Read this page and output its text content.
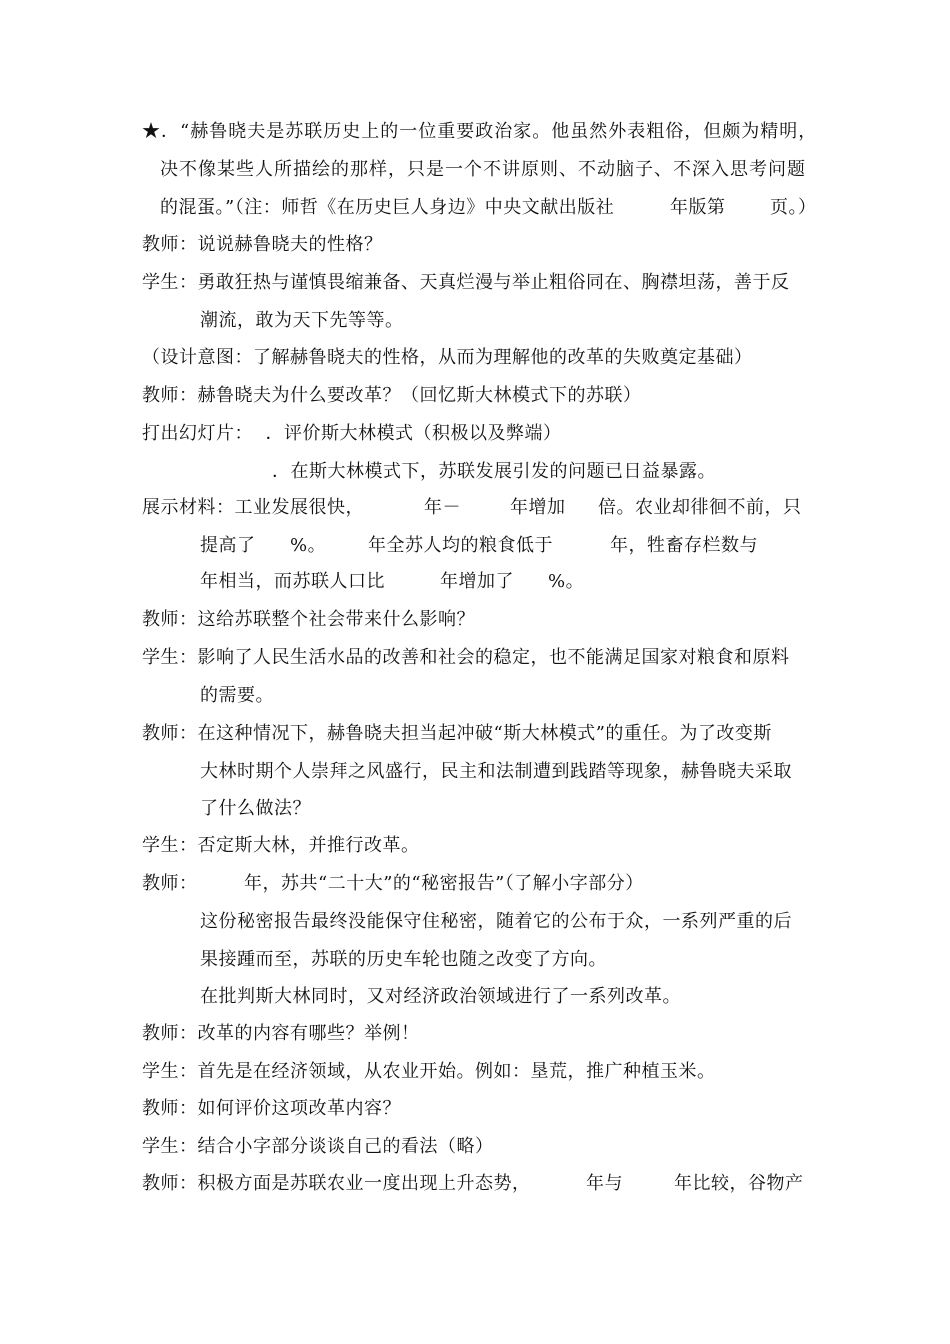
★．“赫鲁晓夫是苏联历史上的一位重要政治家。他虽然外表粗俗，但颇为精明，
决不像某些人所描绘的那样，只是一个不讲原则、不动脑子、不深入思考问题
的混蛋。”（注：师哲《在历史巨人身边》中央文献出版社	年版第 页。）
教师：说说赫鲁晓夫的性格？
学生：勇敢狂热与谨慎畏缩兼备、天真烂漫与举止粗俗同在、胸襟坦荡，善于反
潮流，敢为天下先等等。
（设计意图：了解赫鲁晓夫的性格，从而为理解他的改革的失败奠定基础）
教师：赫鲁晓夫为什么要改革？（回忆斯大林模式下的苏联）
打出幻灯片：  ．评价斯大林模式（积极以及弊端）
．在斯大林模式下，苏联发展引发的问题已日益暴露。
展示材料：工业发展很快，	年－	年增加 倍。农业却徘徊不前，只
提高了 %。 年全苏人均的粮食低于	年，牲畜存栏数与
年相当，而苏联人口比	年增加了 %。
教师：这给苏联整个社会带来什么影响？
学生：影响了人民生活水品的改善和社会的稳定，也不能满足国家对粮食和原料
的需要。
教师：在这种情况下，赫鲁晓夫担当起冲破“斯大林模式”的重任。为了改变斯
大林时期个人崇拜之风盛行，民主和法制遭到践踏等现象，赫鲁晓夫采取
了什么做法？
学生：否定斯大林，并推行改革。
教师：	年，苏共“二十大”的“秘密报告”（了解小字部分）
这份秘密报告最终没能保守住秘密，随着它的公布于众，一系列严重的后
果接踵而至，苏联的历史车轮也随之改变了方向。
在批判斯大林同时，又对经济政治领域进行了一系列改革。
教师：改革的内容有哪些？举例！
学生：首先是在经济领域，从农业开始。例如：垦荒，推广种植玉米。
教师：如何评价这项改革内容？
学生：结合小字部分谈谈自己的看法（略）
教师：积极方面是苏联农业一度出现上升态势，	年与	年比较，谷物产
